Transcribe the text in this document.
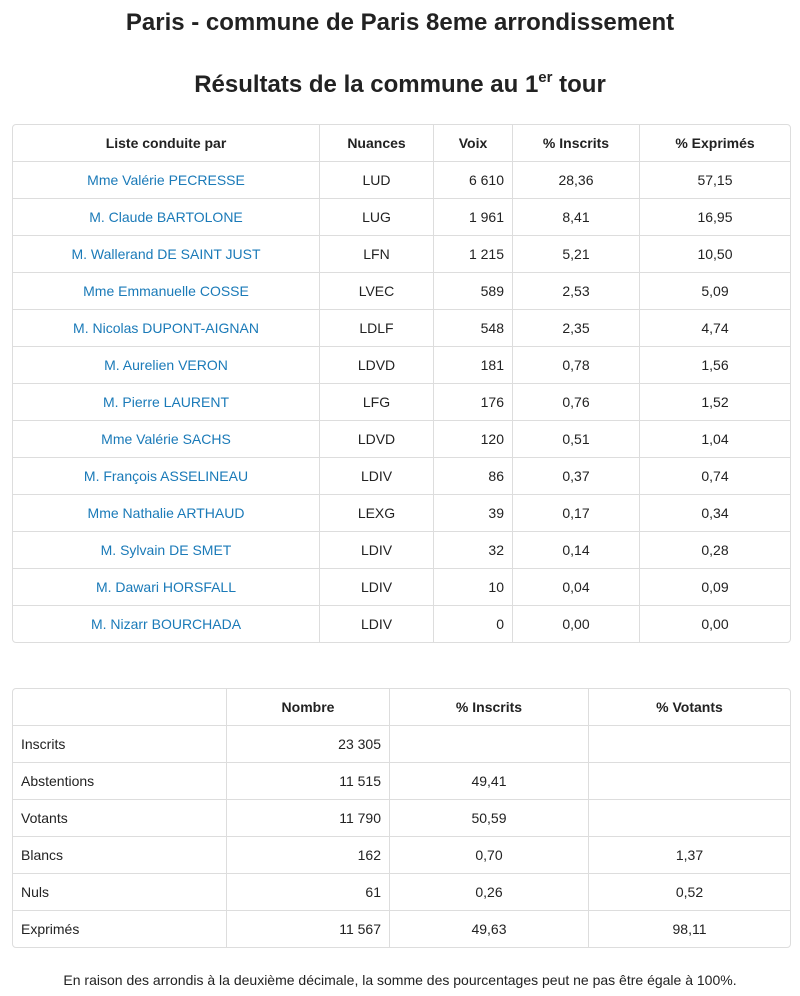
Paris - commune de Paris 8eme arrondissement
Résultats de la commune au 1er tour
Liste conduite par	Nuances	Voix	% Inscrits	% Exprimés
Mme Valérie PECRESSE	LUD	6 610	28,36	57,15
M. Claude BARTOLONE	LUG	1 961	8,41	16,95
M. Wallerand DE SAINT JUST	LFN	1 215	5,21	10,50
Mme Emmanuelle COSSE	LVEC	589	2,53	5,09
M. Nicolas DUPONT-AIGNAN	LDLF	548	2,35	4,74
M. Aurelien VERON	LDVD	181	0,78	1,56
M. Pierre LAURENT	LFG	176	0,76	1,52
Mme Valérie SACHS	LDVD	120	0,51	1,04
M. François ASSELINEAU	LDIV	86	0,37	0,74
Mme Nathalie ARTHAUD	LEXG	39	0,17	0,34
M. Sylvain DE SMET	LDIV	32	0,14	0,28
M. Dawari HORSFALL	LDIV	10	0,04	0,09
M. Nizarr BOURCHADA	LDIV	0	0,00	0,00
	Nombre	% Inscrits	% Votants
Inscrits	23 305		
Abstentions	11 515	49,41	
Votants	11 790	50,59	
Blancs	162	0,70	1,37
Nuls	61	0,26	0,52
Exprimés	11 567	49,63	98,11

En raison des arrondis à la deuxième décimale, la somme des pourcentages peut ne pas être égale à 100%.
